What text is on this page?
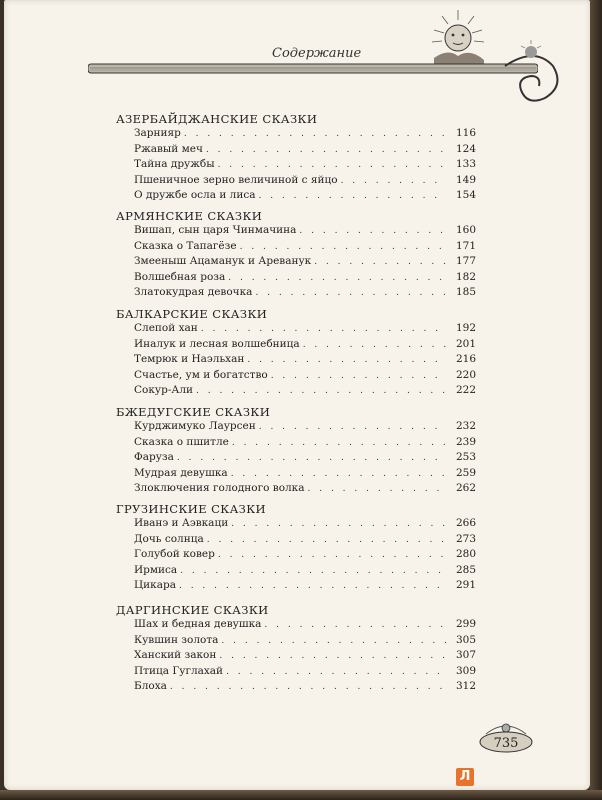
Содержание
АЗЕРБАЙДЖАНСКИЕ СКАЗКИ
Зарнияр . . .	116
Ржавый меч . . .	124
Тайна дружбы . . .	133
Пшеничное зерно величиной с яйцо . . .	149
О дружбе осла и лиса . . .	154
АРМЯНСКИЕ СКАЗКИ
Вишап, сын царя Чинмачина . . .	160
Сказка о Тапагёзе . . .	171
Змееныш Ацаманук и Ареванук . . .	177
Волшебная роза . . .	182
Златокудрая девочка . . .	185
БАЛКАРСКИЕ СКАЗКИ
Слепой хан . . .	192
Иналук и лесная волшебница . . .	201
Темрюк и Наэльхан . . .	216
Счастье, ум и богатство . . .	220
Сокур-Али . . .	222
БЖЕДУГСКИЕ СКАЗКИ
Курджимуко Лаурсен . . .	232
Сказка о пшитле . . .	239
Фаруза . . .	253
Мудрая девушка . . .	259
Злоключения голодного волка . . .	262
ГРУЗИНСКИЕ СКАЗКИ
Иванэ и Аэвкаци . . .	266
Дочь солнца . . .	273
Голубой ковер . . .	280
Ирмиса . . .	285
Цикара . . .	291
ДАРГИНСКИЕ СКАЗКИ
Шах и бедная девушка . . .	299
Кувшин золота . . .	305
Ханский закон . . .	307
Птица Гуглахай . . .	309
Блоха . . .	312
735
Л
